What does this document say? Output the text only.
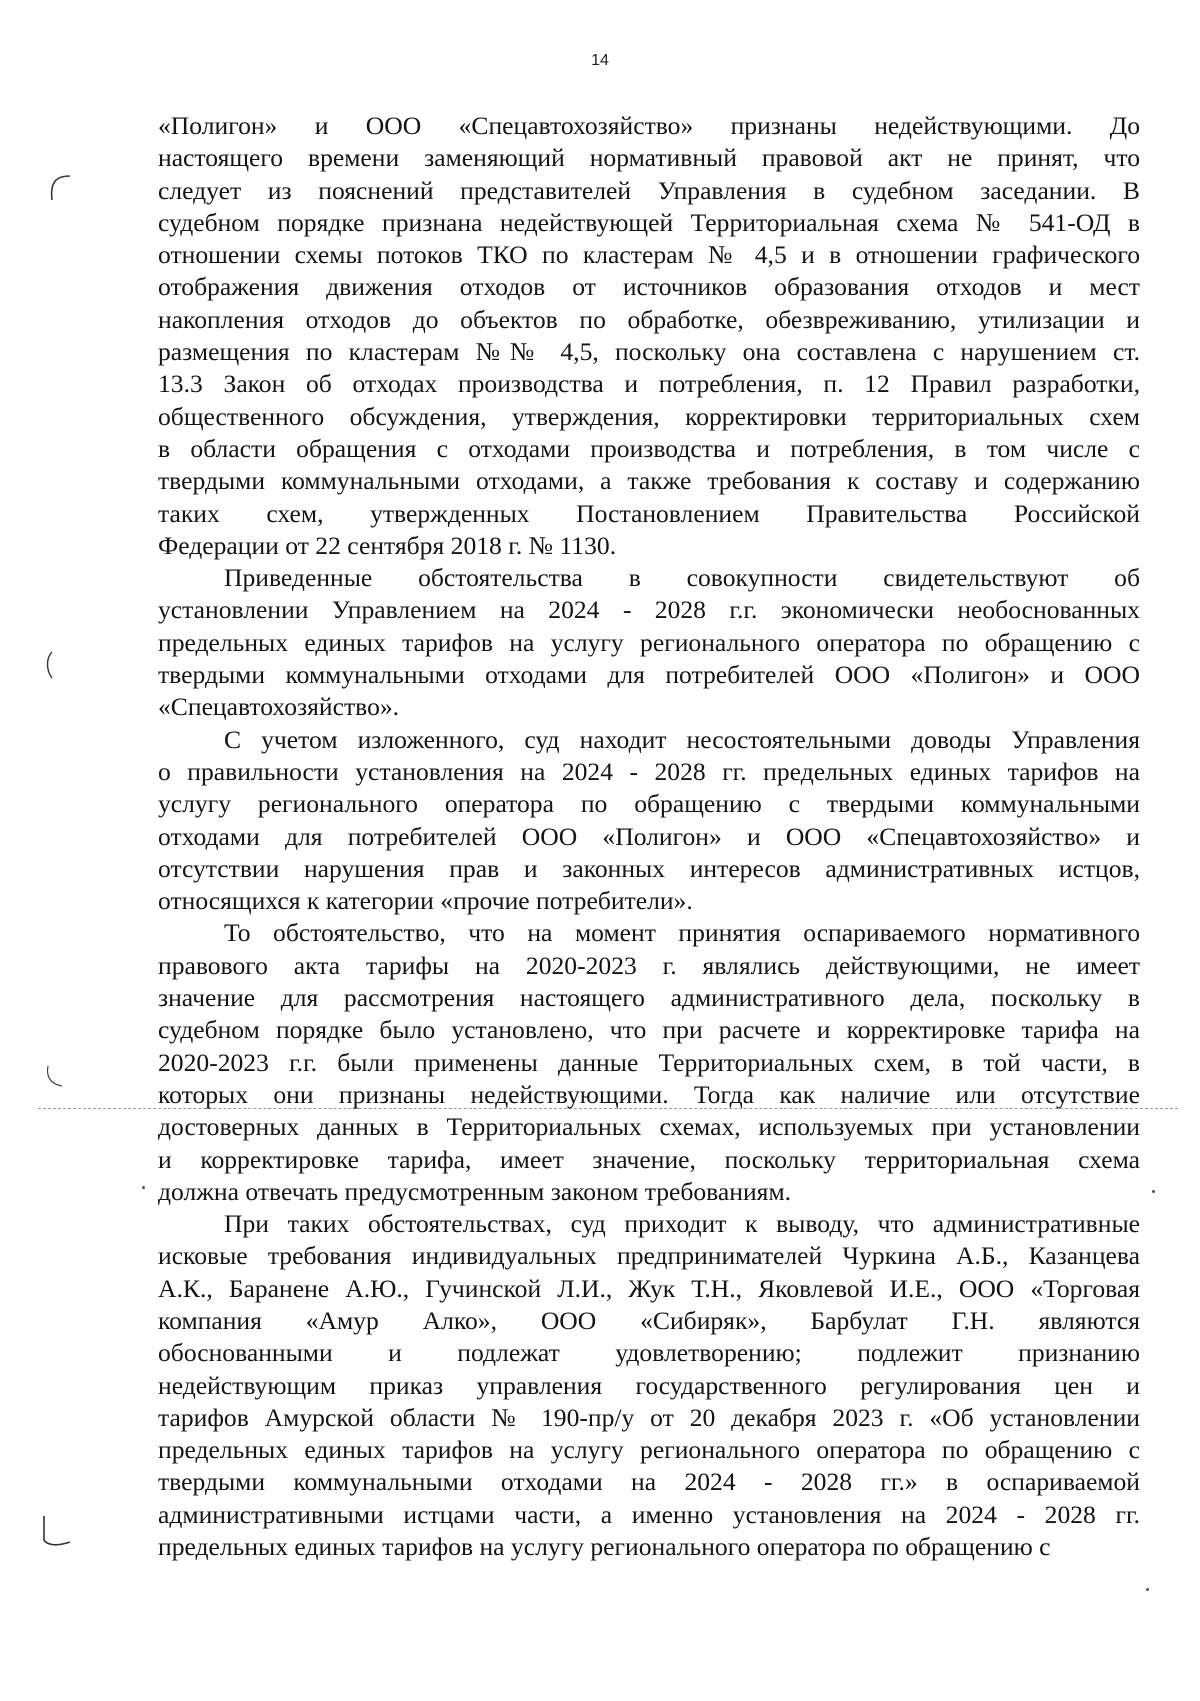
14
«Полигон» и ООО «Спецавтохозяйство» признаны недействующими. До
настоящего времени заменяющий нормативный правовой акт не принят, что
следует из пояснений представителей Управления в судебном заседании. В
судебном порядке признана недействующей Территориальная схема № 541-ОД в
отношении схемы потоков ТКО по кластерам № 4,5 и в отношении графического
отображения движения отходов от источников образования отходов и мест
накопления отходов до объектов по обработке, обезвреживанию, утилизации и
размещения по кластерам №№ 4,5, поскольку она составлена с нарушением ст.
13.3 Закон об отходах производства и потребления, п. 12 Правил разработки,
общественного обсуждения, утверждения, корректировки территориальных схем
в области обращения с отходами производства и потребления, в том числе с
твердыми коммунальными отходами, а также требования к составу и содержанию
таких схем, утвержденных Постановлением Правительства Российской
Федерации от 22 сентября 2018 г. № 1130.
Приведенные обстоятельства в совокупности свидетельствуют об
установлении Управлением на 2024 - 2028 г.г. экономически необоснованных
предельных единых тарифов на услугу регионального оператора по обращению с
твердыми коммунальными отходами для потребителей ООО «Полигон» и ООО
«Спецавтохозяйство».
С учетом изложенного, суд находит несостоятельными доводы Управления
о правильности установления на 2024 - 2028 гг. предельных единых тарифов на
услугу регионального оператора по обращению с твердыми коммунальными
отходами для потребителей ООО «Полигон» и ООО «Спецавтохозяйство» и
отсутствии нарушения прав и законных интересов административных истцов,
относящихся к категории «прочие потребители».
То обстоятельство, что на момент принятия оспариваемого нормативного
правового акта тарифы на 2020-2023 г. являлись действующими, не имеет
значение для рассмотрения настоящего административного дела, поскольку в
судебном порядке было установлено, что при расчете и корректировке тарифа на
2020-2023 г.г. были применены данные Территориальных схем, в той части, в
которых они признаны недействующими. Тогда как наличие или отсутствие
достоверных данных в Территориальных схемах, используемых при установлении
и корректировке тарифа, имеет значение, поскольку территориальная схема
должна отвечать предусмотренным законом требованиям.
При таких обстоятельствах, суд приходит к выводу, что административные
исковые требования индивидуальных предпринимателей Чуркина А.Б., Казанцева
А.К., Баранене А.Ю., Гучинской Л.И., Жук Т.Н., Яковлевой И.Е., ООО «Торговая
компания «Амур Алко», ООО «Сибиряк», Барбулат Г.Н. являются
обоснованными и подлежат удовлетворению; подлежит признанию
недействующим приказ управления государственного регулирования цен и
тарифов Амурской области № 190-пр/у от 20 декабря 2023 г. «Об установлении
предельных единых тарифов на услугу регионального оператора по обращению с
твердыми коммунальными отходами на 2024 - 2028 гг.» в оспариваемой
административными истцами части, а именно установления на 2024 - 2028 гг.
предельных единых тарифов на услугу регионального оператора по обращению с
